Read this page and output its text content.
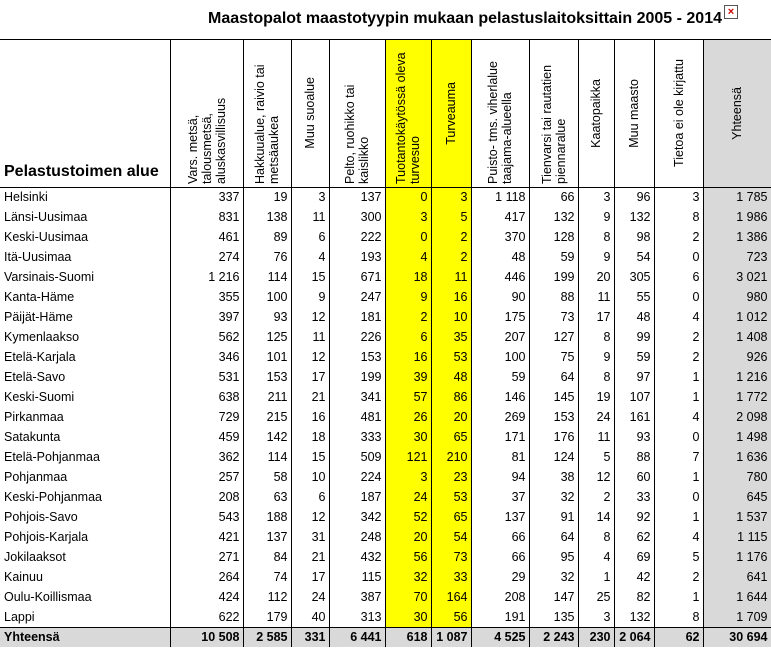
Maastopalot maastotyypin mukaan pelastuslaitoksittain 2005 - 2014 ×
Pelastustoimen alue	Vars. metsä, talousmetsä, aluskasvillisuus	Hakkuualue, raivio tai metsäaukea	Muu suoalue	Pelto, ruohikko tai kaislikko	Tuotantokäytössä oleva turvesuo	Turveauma	Puisto- tms. viherlalue taajama-alueella	Tienvarsi tai rautatien piennaralue	Kaatopaikka	Muu maasto	Tietoa ei ole kirjattu	Yhteensä

Helsinki	337	19	3	137	0	3	1 118	66	3	96	3	1 785
Länsi-Uusimaa	831	138	11	300	3	5	417	132	9	132	8	1 986
Keski-Uusimaa	461	89	6	222	0	2	370	128	8	98	2	1 386
Itä-Uusimaa	274	76	4	193	4	2	48	59	9	54	0	723
Varsinais-Suomi	1 216	114	15	671	18	11	446	199	20	305	6	3 021
Kanta-Häme	355	100	9	247	9	16	90	88	11	55	0	980
Päijät-Häme	397	93	12	181	2	10	175	73	17	48	4	1 012
Kymenlaakso	562	125	11	226	6	35	207	127	8	99	2	1 408
Etelä-Karjala	346	101	12	153	16	53	100	75	9	59	2	926
Etelä-Savo	531	153	17	199	39	48	59	64	8	97	1	1 216
Keski-Suomi	638	211	21	341	57	86	146	145	19	107	1	1 772
Pirkanmaa	729	215	16	481	26	20	269	153	24	161	4	2 098
Satakunta	459	142	18	333	30	65	171	176	11	93	0	1 498
Etelä-Pohjanmaa	362	114	15	509	121	210	81	124	5	88	7	1 636
Pohjanmaa	257	58	10	224	3	23	94	38	12	60	1	780
Keski-Pohjanmaa	208	63	6	187	24	53	37	32	2	33	0	645
Pohjois-Savo	543	188	12	342	52	65	137	91	14	92	1	1 537
Pohjois-Karjala	421	137	31	248	20	54	66	64	8	62	4	1 115
Jokilaaksot	271	84	21	432	56	73	66	95	4	69	5	1 176
Kainuu	264	74	17	115	32	33	29	32	1	42	2	641
Oulu-Koillismaa	424	112	24	387	70	164	208	147	25	82	1	1 644
Lappi	622	179	40	313	30	56	191	135	3	132	8	1 709
Yhteensä	10 508	2 585	331	6 441	618	1 087	4 525	2 243	230	2 064	62	30 694
